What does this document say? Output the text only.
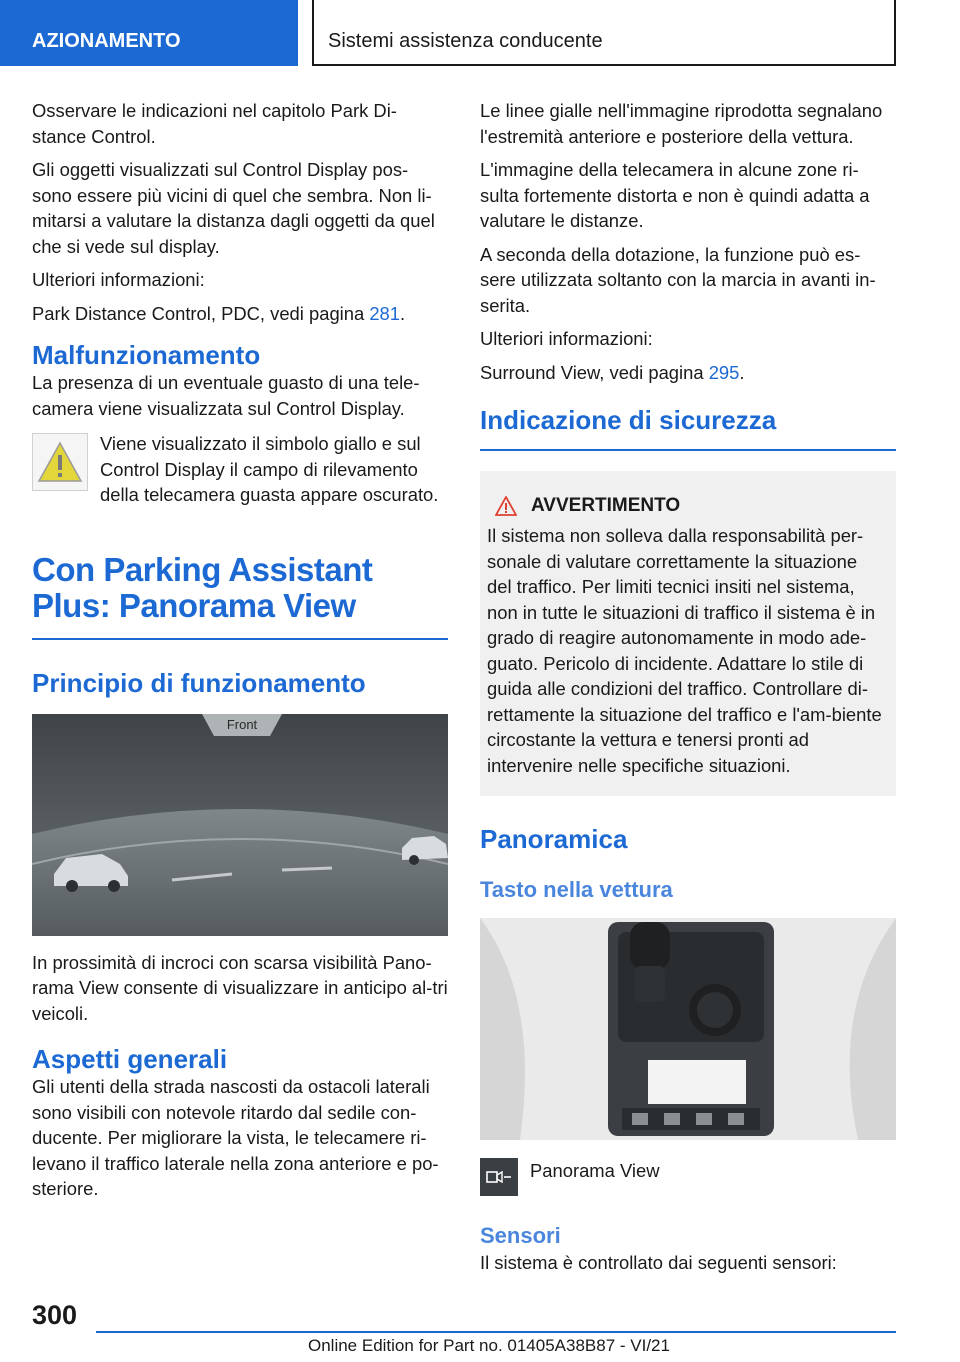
AZIONAMENTO	Sistemi assistenza conducente

Osservare le indicazioni nel capitolo Park Di-stance Control.

Gli oggetti visualizzati sul Control Display pos-sono essere più vicini di quel che sembra. Non li-mitarsi a valutare la distanza dagli oggetti da quel che si vede sul display.

Ulteriori informazioni:

Park Distance Control, PDC, vedi pagina 281.

Malfunzionamento

La presenza di un eventuale guasto di una tele-camera viene visualizzata sul Control Display.

Viene visualizzato il simbolo giallo e sul Control Display il campo di rilevamento della telecamera guasta appare oscurato.
Con Parking Assistant Plus: Panorama View
Principio di funzionamento
Front

In prossimità di incroci con scarsa visibilità Pano-rama View consente di visualizzare in anticipo al-tri veicoli.

Aspetti generali

Gli utenti della strada nascosti da ostacoli laterali sono visibili con notevole ritardo dal sedile con-ducente. Per migliorare la vista, le telecamere ri-levano il traffico laterale nella zona anteriore e po-steriore.

Le linee gialle nell'immagine riprodotta segnalano l'estremità anteriore e posteriore della vettura.

L'immagine della telecamera in alcune zone ri-sulta fortemente distorta e non è quindi adatta a valutare le distanze.

A seconda della dotazione, la funzione può es-sere utilizzata soltanto con la marcia in avanti in-serita.

Ulteriori informazioni:

Surround View, vedi pagina 295.

Indicazione di sicurezza
AVVERTIMENTO

Il sistema non solleva dalla responsabilità per-sonale di valutare correttamente la situazione del traffico. Per limiti tecnici insiti nel sistema, non in tutte le situazioni di traffico il sistema è in grado di reagire autonomamente in modo ade-guato. Pericolo di incidente. Adattare lo stile di guida alle condizioni del traffico. Controllare di-rettamente la situazione del traffico e l'am-biente circostante la vettura e tenersi pronti ad intervenire nelle specifiche situazioni.

Panoramica
Tasto nella vettura
Panorama View
Sensori

Il sistema è controllato dai seguenti sensori:

300
Online Edition for Part no. 01405A38B87 - VI/21
